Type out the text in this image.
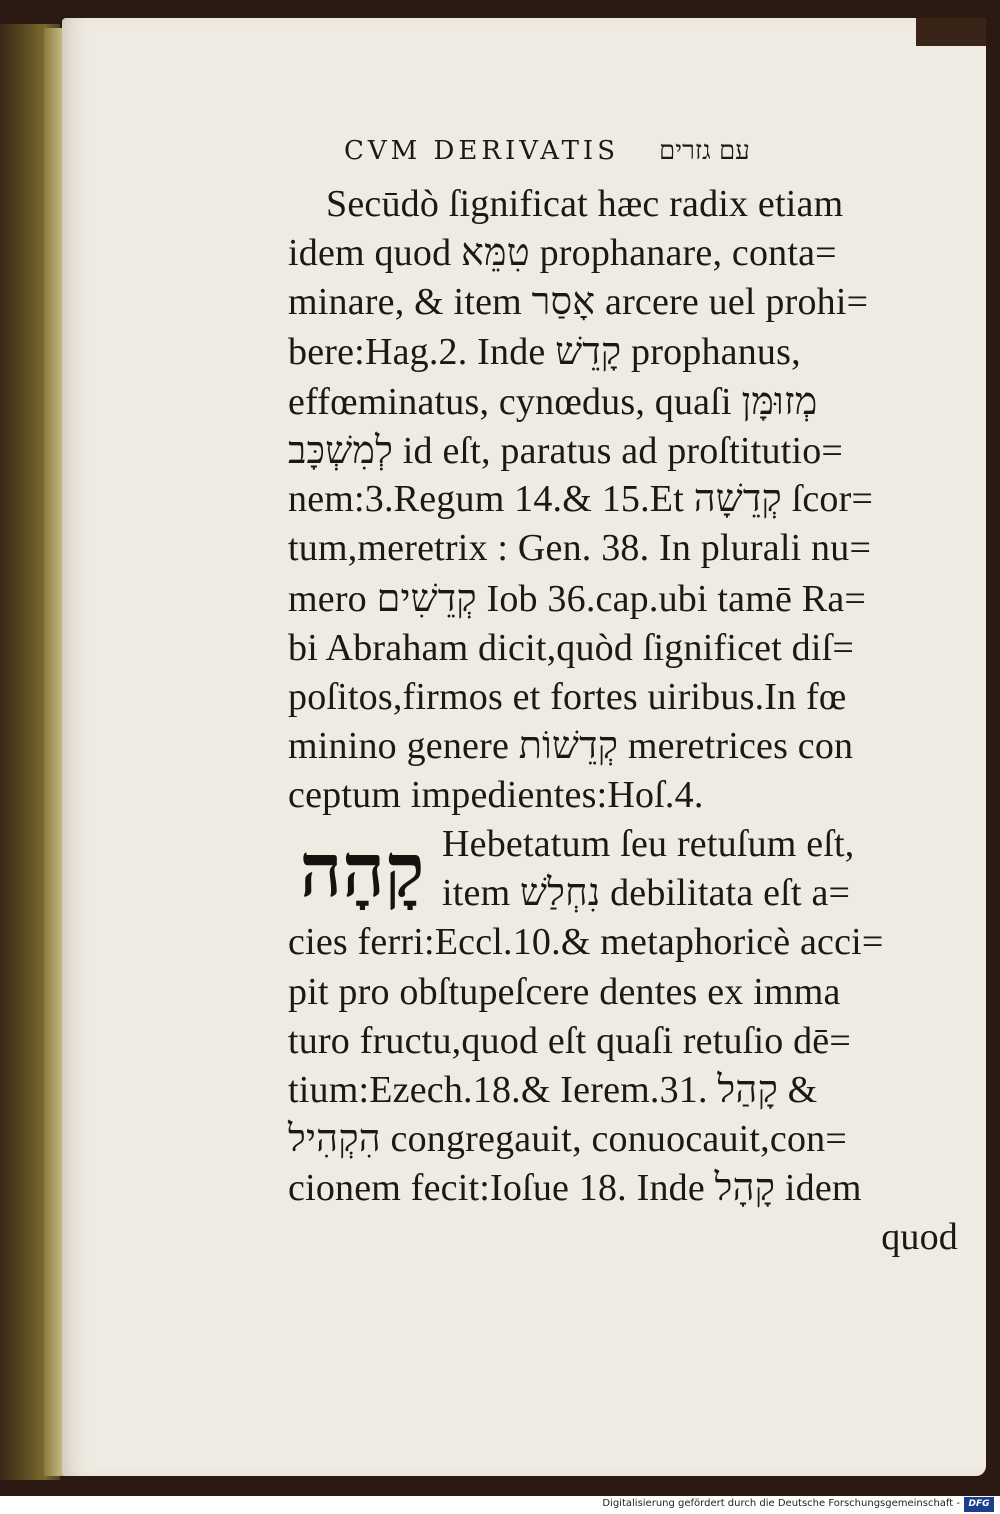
CVM DERIVATIS עם גזרים
Secūdò ſignificat hæc radix etiam
idem quod טִמֵּא prophanare, conta=
minare, & item אָסַר arcere uel prohi=
bere:Hag.2. Inde קָדֵשׁ prophanus,
effœminatus, cynœdus, quaſi מְזוּמָּן
לְמִשְׁכָּב id eſt, paratus ad proſtitutio=
nem:3.Regum 14.& 15.Et קְדֵשָׁה ſcor=
tum,meretrix : Gen. 38. In plurali nu=
mero קְדֵשִׁים Iob 36.cap.ubi tamē Ra=
bi Abraham dicit,quòd ſignificet diſ=
poſitos,firmos et fortes uiribus.In fœ
minino genere קְדֵשׁוֹת meretrices con
ceptum impedientes:Hoſ.4.
קָהָה Hebetatum ſeu retuſum eſt,
item נִחְלַשׁ debilitata eſt a=
cies ferri:Eccl.10.& metaphoricè acci=
pit pro obſtupeſcere dentes ex imma
turo fructu,quod eſt quaſi retuſio dē=
tium:Ezech.18.& Ierem.31. קָהַל &
הִקְהִיל congregauit, conuocauit,con=
cionem fecit:Ioſue 18. Inde קָהָל idem
quod
Digitalisierung gefördert durch die Deutsche Forschungsgemeinschaft - DFG
